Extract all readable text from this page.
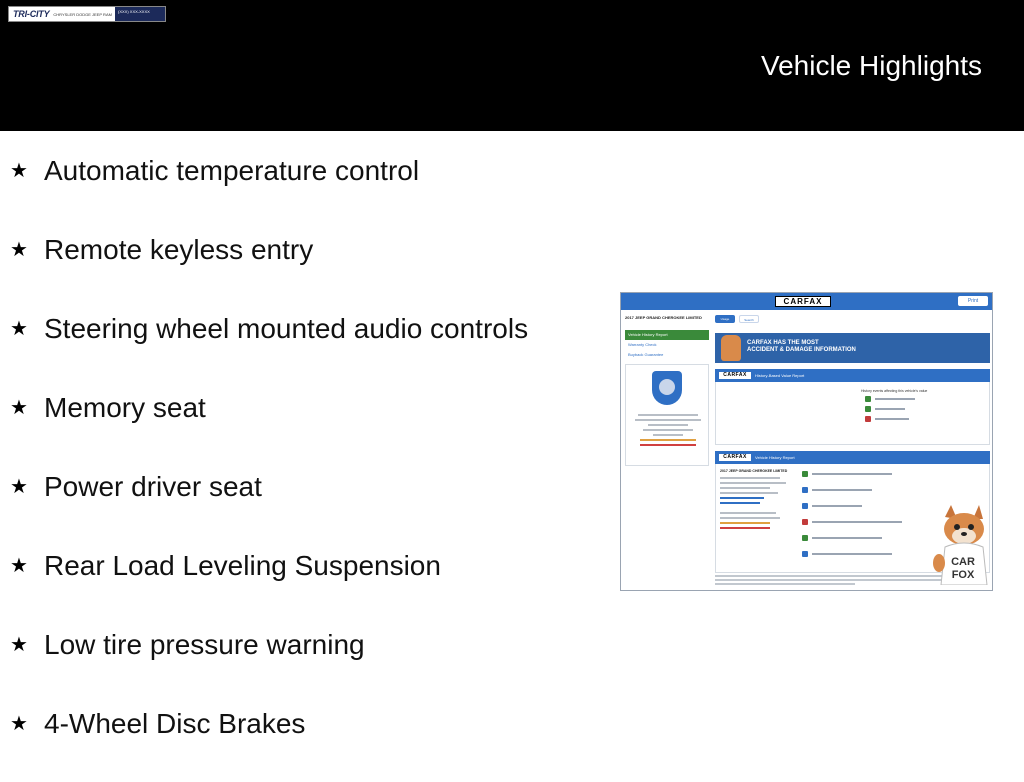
TRI-CITY	CHRYSLER DODGE JEEP RAM
(XXX) XXX-XXXX
Vehicle Highlights
★ Automatic temperature control
★ Remote keyless entry
★ Steering wheel mounted audio controls
★ Memory seat
★ Power driver seat
★ Rear Load Leveling Suspension
★ Low tire pressure warning
★ 4-Wheel Disc Brakes
CARFAX	Print
2017 JEEP GRAND CHEROKEE LIMITED
Vehicle History Report
Warranty Check
Buyback Guarantee
Usage	Search
CARFAX HAS THE MOST
ACCIDENT & DAMAGE INFORMATION
CARFAX	History-Based Value Report
History events affecting this vehicle's value
CARFAX	Vehicle History Report
2017 JEEP GRAND CHEROKEE LIMITED
CAR
FOX
